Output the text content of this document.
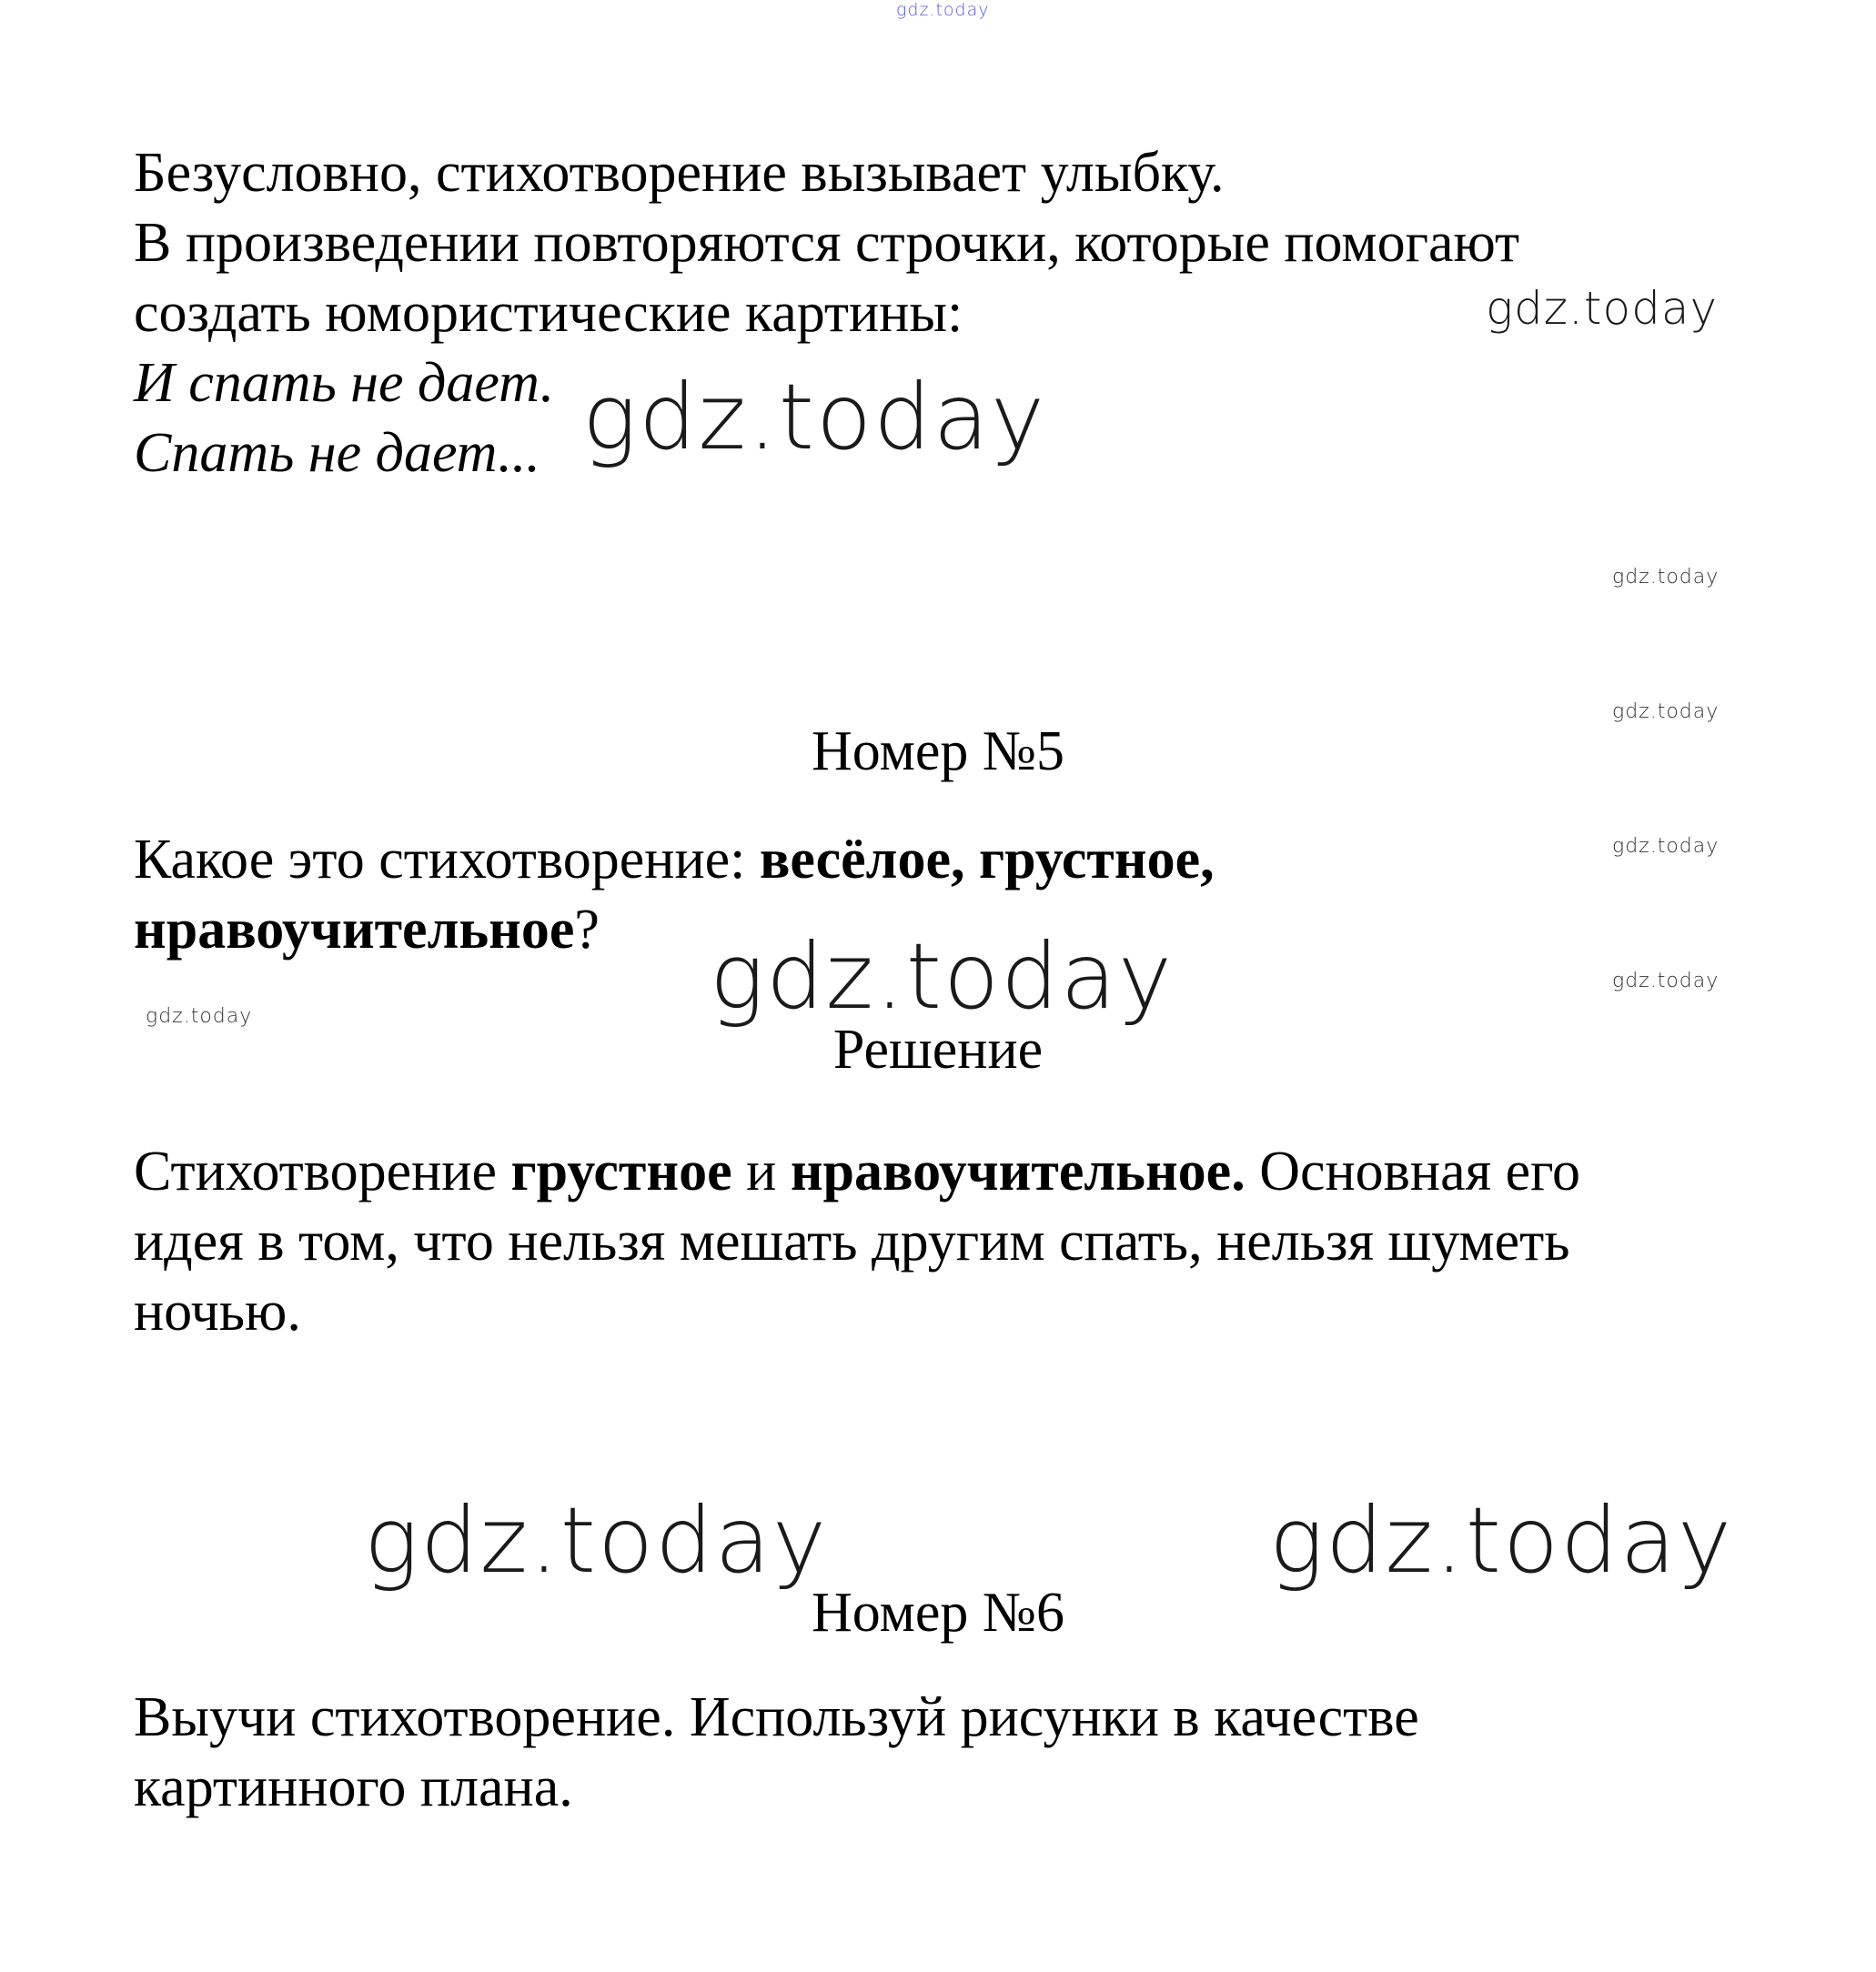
gdz.today
gdz.today
gdz.today
gdz.today
gdz.today
gdz.today
gdz.today
gdz.today	gdz.today
gdz.today	gdz.today

Безусловно, стихотворение вызывает улыбку.

В произведении повторяются строчки, которые помогают

создать юмористические картины:

И спать не дает.

Спать не дает...

Номер №5

Какое это стихотворение: весёлое, грустное,

нравоучительное?

Решение

Стихотворение грустное и нравоучительное. Основная его

идея в том, что нельзя мешать другим спать, нельзя шуметь

ночью.

Номер №6

Выучи стихотворение. Используй рисунки в качестве

картинного плана.
